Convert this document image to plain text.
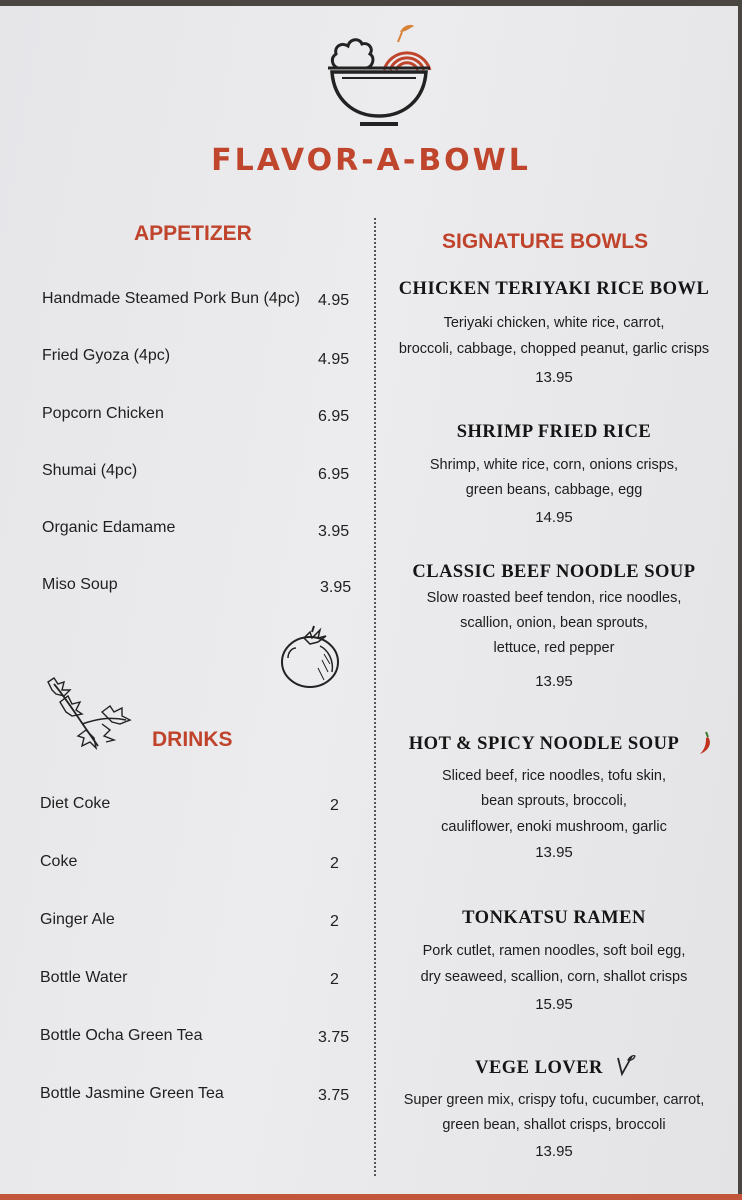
FLAVOR-A-BOWL
APPETIZER
Handmade Steamed Pork Bun (4pc) 4.95
Fried Gyoza (4pc)	4.95
Popcorn Chicken	6.95
Shumai (4pc)	6.95
Organic Edamame	3.95
Miso Soup	3.95
DRINKS
Diet Coke	2
Coke	2
Ginger Ale	2
Bottle Water	2
Bottle Ocha Green Tea	3.75
Bottle Jasmine Green Tea	3.75
SIGNATURE BOWLS
CHICKEN TERIYAKI RICE BOWL
Teriyaki chicken, white rice, carrot,
broccoli, cabbage, chopped peanut, garlic crisps
13.95
SHRIMP FRIED RICE
Shrimp, white rice, corn, onions crisps,
green beans, cabbage, egg
14.95
CLASSIC BEEF NOODLE SOUP
Slow roasted beef tendon, rice noodles,
scallion, onion, bean sprouts,
lettuce, red pepper
13.95
HOT & SPICY NOODLE SOUP
Sliced beef, rice noodles, tofu skin,
bean sprouts, broccoli,
cauliflower, enoki mushroom, garlic
13.95
TONKATSU RAMEN
Pork cutlet, ramen noodles, soft boil egg,
dry seaweed, scallion, corn, shallot crisps
15.95
VEGE LOVER
Super green mix, crispy tofu, cucumber, carrot,
green bean, shallot crisps, broccoli
13.95
